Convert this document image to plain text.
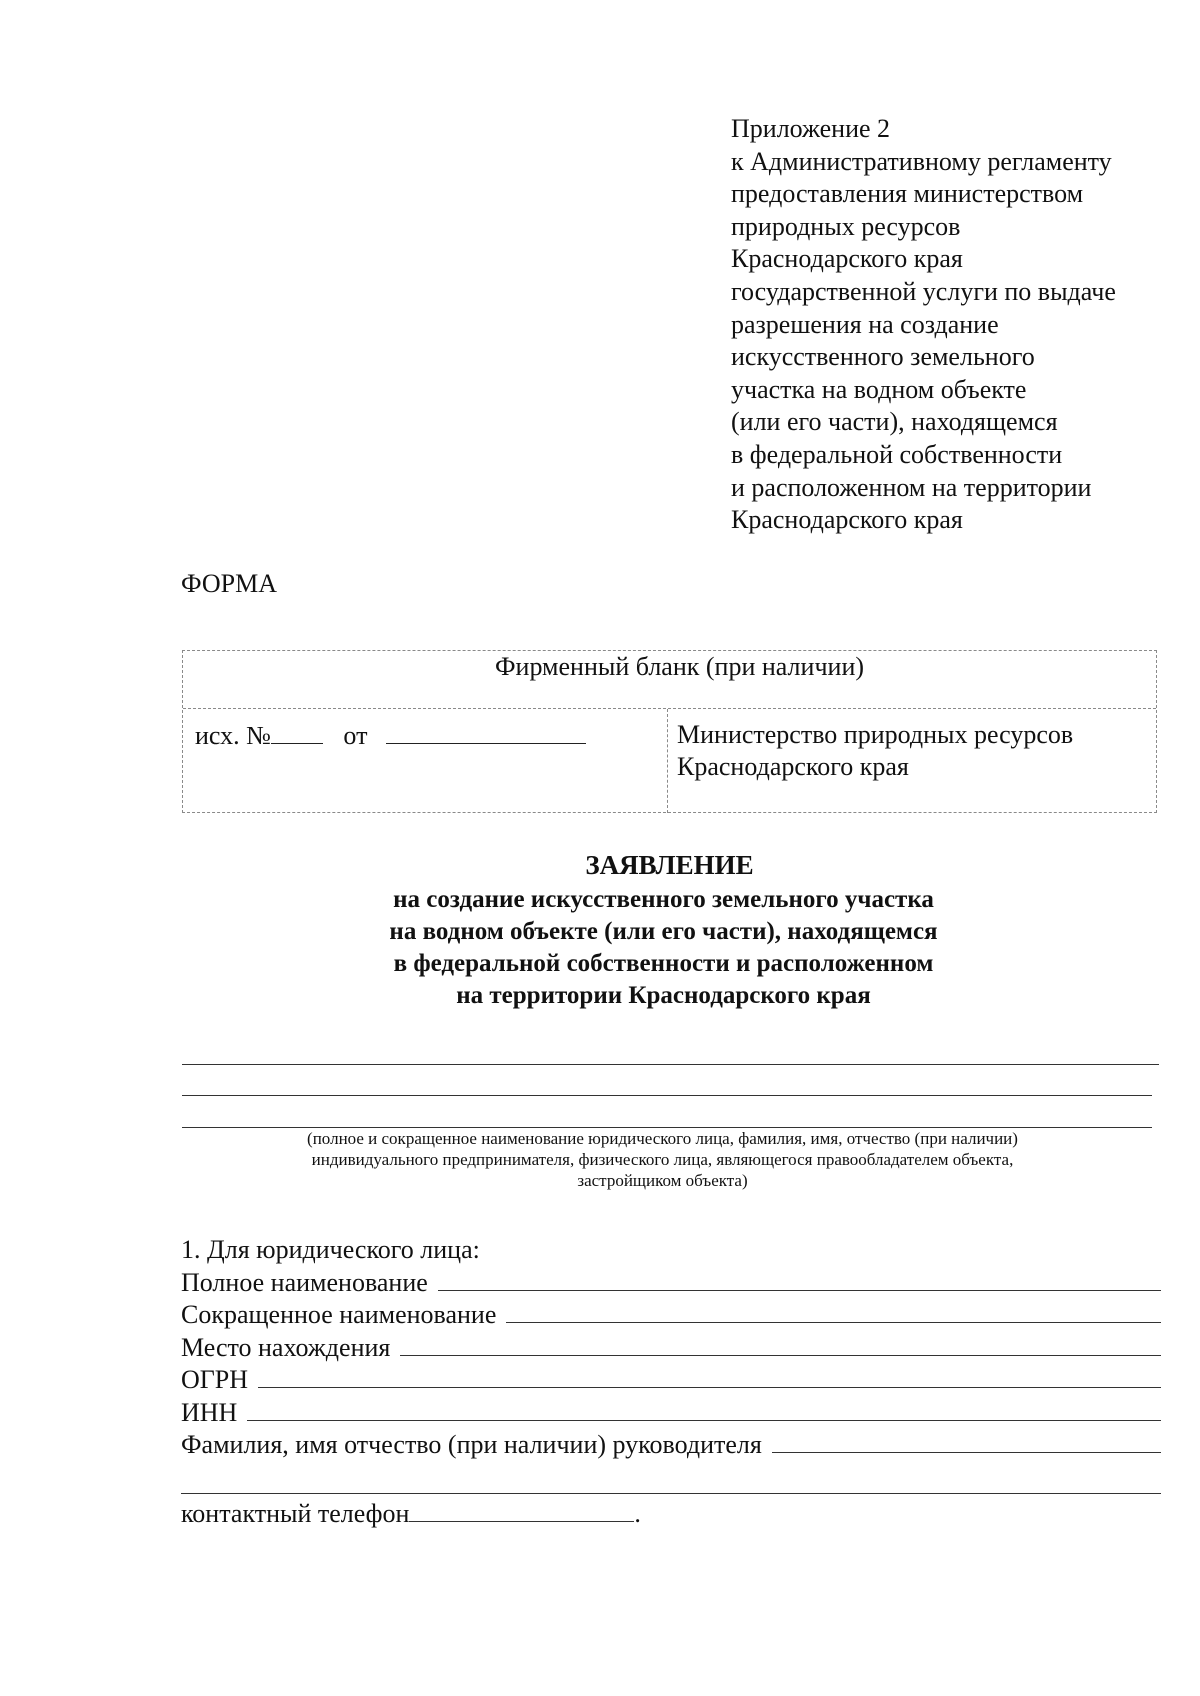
Приложение 2
к Административному регламенту
предоставления министерством
природных ресурсов
Краснодарского края
государственной услуги по выдаче
разрешения на создание
искусственного земельного
участка на водном объекте
(или его части), находящемся
в федеральной собственности
и расположенном на территории
Краснодарского края
ФОРМА
Фирменный бланк (при наличии)
исх. №	от	Министерство природных ресурсов
Краснодарского края
ЗАЯВЛЕНИЕ
на создание искусственного земельного участка
на водном объекте (или его части), находящемся
в федеральной собственности и расположенном
на территории Краснодарского края
(полное и сокращенное наименование юридического лица, фамилия, имя, отчество (при наличии)
индивидуального предпринимателя, физического лица, являющегося правообладателем объекта,
застройщиком объекта)
1. Для юридического лица:
Полное наименование
Сокращенное наименование
Место нахождения
ОГРН
ИНН
Фамилия, имя отчество (при наличии) руководителя
контактный телефон	.
